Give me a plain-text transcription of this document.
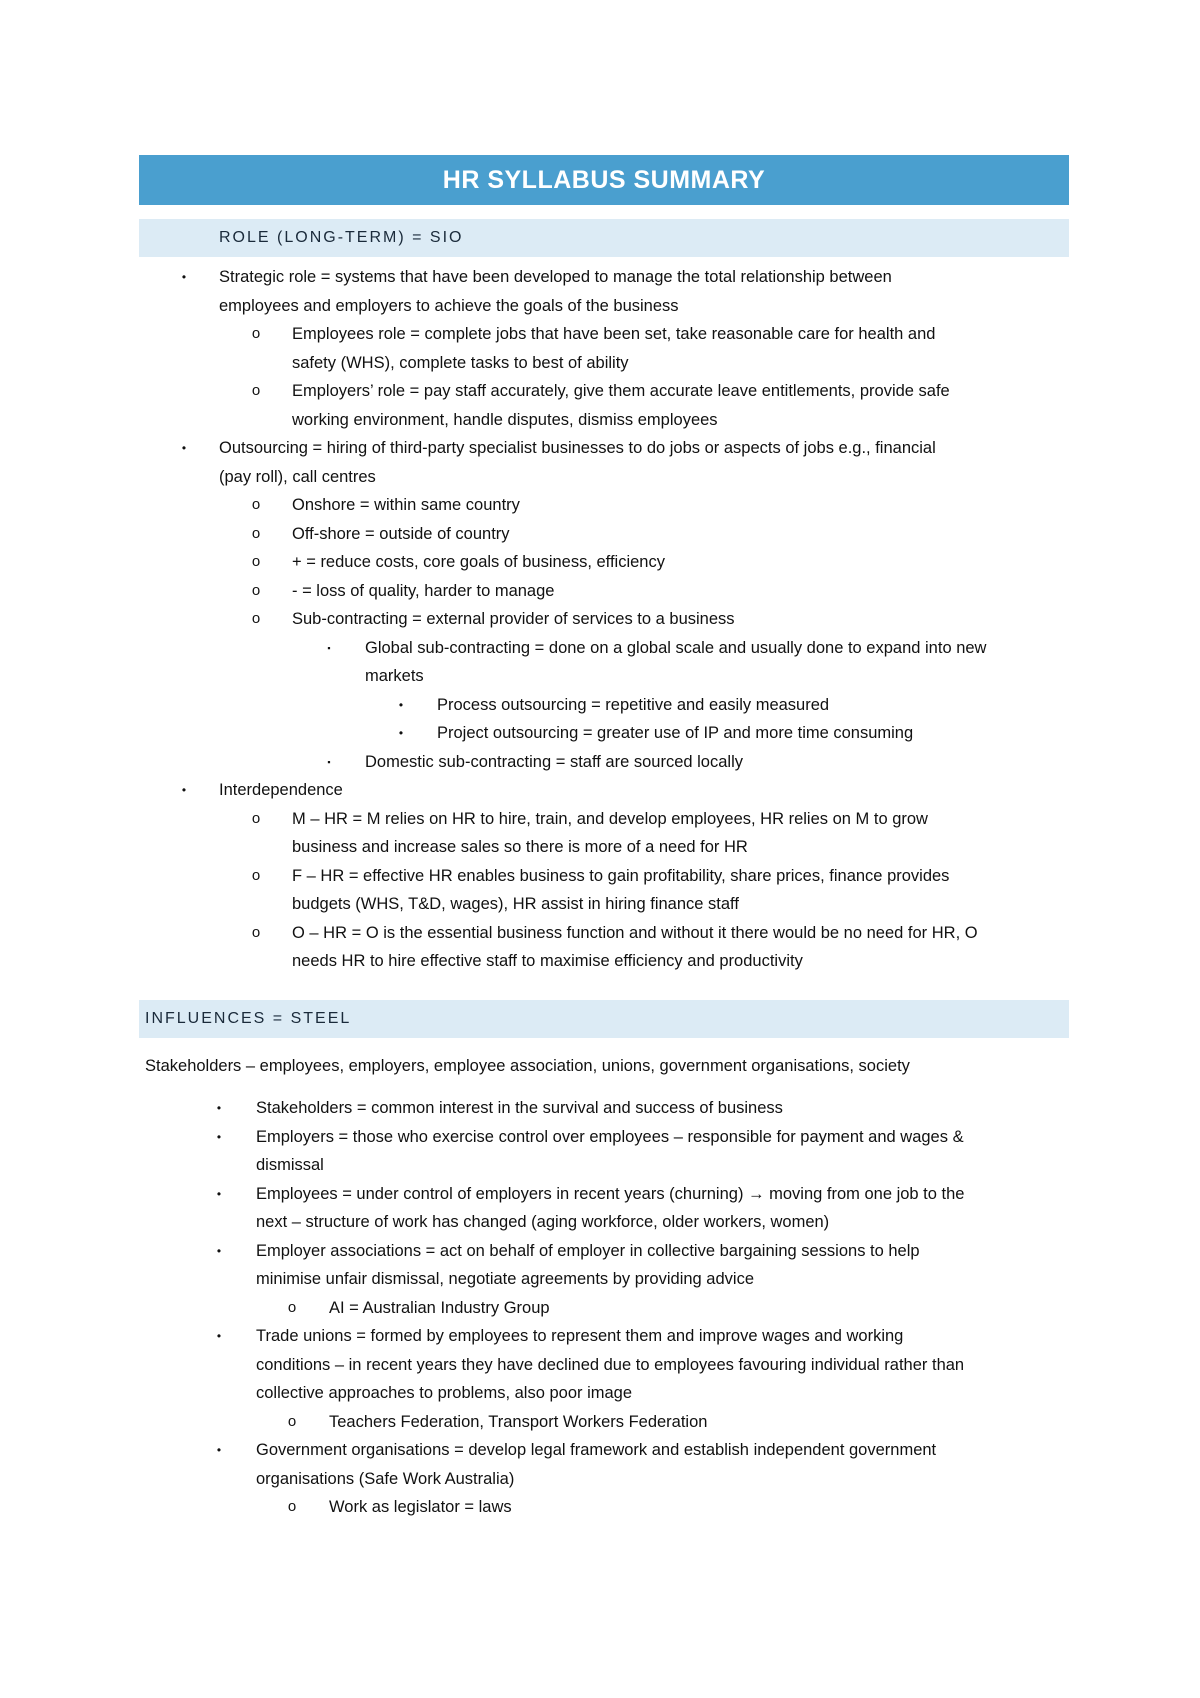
HR SYLLABUS SUMMARY
ROLE (LONG-TERM) = SIO
•	Strategic role = systems that have been developed to manage the total relationship between
employees and employers to achieve the goals of the business
o	Employees role = complete jobs that have been set, take reasonable care for health and
safety (WHS), complete tasks to best of ability
o	Employers’ role = pay staff accurately, give them accurate leave entitlements, provide safe
working environment, handle disputes, dismiss employees
•	Outsourcing = hiring of third-party specialist businesses to do jobs or aspects of jobs e.g., financial
(pay roll), call centres
o	Onshore = within same country
o	Off-shore = outside of country
o	+ = reduce costs, core goals of business, efficiency
o	- = loss of quality, harder to manage
o	Sub-contracting = external provider of services to a business
▪	Global sub-contracting = done on a global scale and usually done to expand into new
markets
•	Process outsourcing = repetitive and easily measured
•	Project outsourcing = greater use of IP and more time consuming
▪	Domestic sub-contracting = staff are sourced locally
•	Interdependence
o	M – HR = M relies on HR to hire, train, and develop employees, HR relies on M to grow
business and increase sales so there is more of a need for HR
o	F – HR = effective HR enables business to gain profitability, share prices, finance provides
budgets (WHS, T&D, wages), HR assist in hiring finance staff
o	O – HR = O is the essential business function and without it there would be no need for HR, O
needs HR to hire effective staff to maximise efficiency and productivity
INFLUENCES = STEEL
Stakeholders – employees, employers, employee association, unions, government organisations, society
•	Stakeholders = common interest in the survival and success of business
•	Employers = those who exercise control over employees – responsible for payment and wages &
dismissal
•	Employees = under control of employers in recent years (churning) → moving from one job to the
next – structure of work has changed (aging workforce, older workers, women)
•	Employer associations = act on behalf of employer in collective bargaining sessions to help
minimise unfair dismissal, negotiate agreements by providing advice
o	AI = Australian Industry Group
•	Trade unions = formed by employees to represent them and improve wages and working
conditions – in recent years they have declined due to employees favouring individual rather than
collective approaches to problems, also poor image
o	Teachers Federation, Transport Workers Federation
•	Government organisations = develop legal framework and establish independent government
organisations (Safe Work Australia)
o	Work as legislator = laws
